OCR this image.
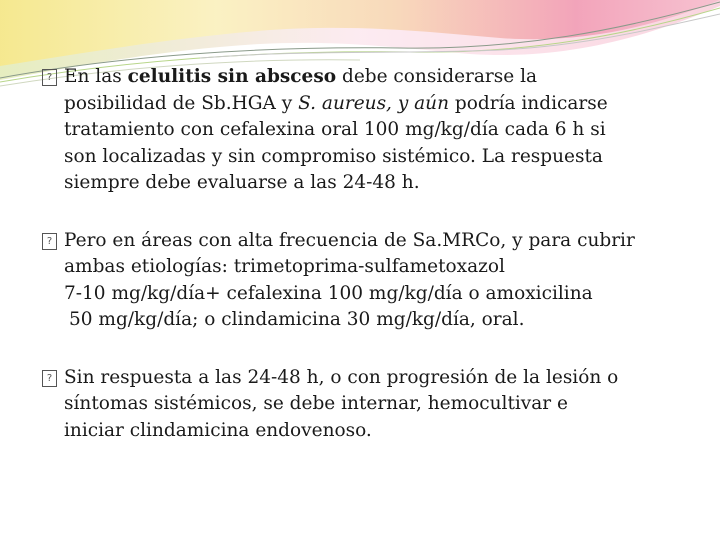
? En las celulitis sin absceso debe considerarse la
posibilidad de Sb.HGA y S. aureus, y aún podría indicarse
tratamiento con cefalexina oral 100 mg/kg/día cada 6 h si
son localizadas y sin compromiso sistémico. La respuesta
siempre debe evaluarse a las 24-48 h.

? Pero en áreas con alta frecuencia de Sa.MRCo, y para cubrir
ambas etiologías: trimetoprima-sulfametoxazol
7-10 mg/kg/día+ cefalexina 100 mg/kg/día o amoxicilina
50 mg/kg/día; o clindamicina 30 mg/kg/día, oral.

? Sin respuesta a las 24-48 h, o con progresión de la lesión o
síntomas sistémicos, se debe internar, hemocultivar e
iniciar clindamicina endovenoso.
